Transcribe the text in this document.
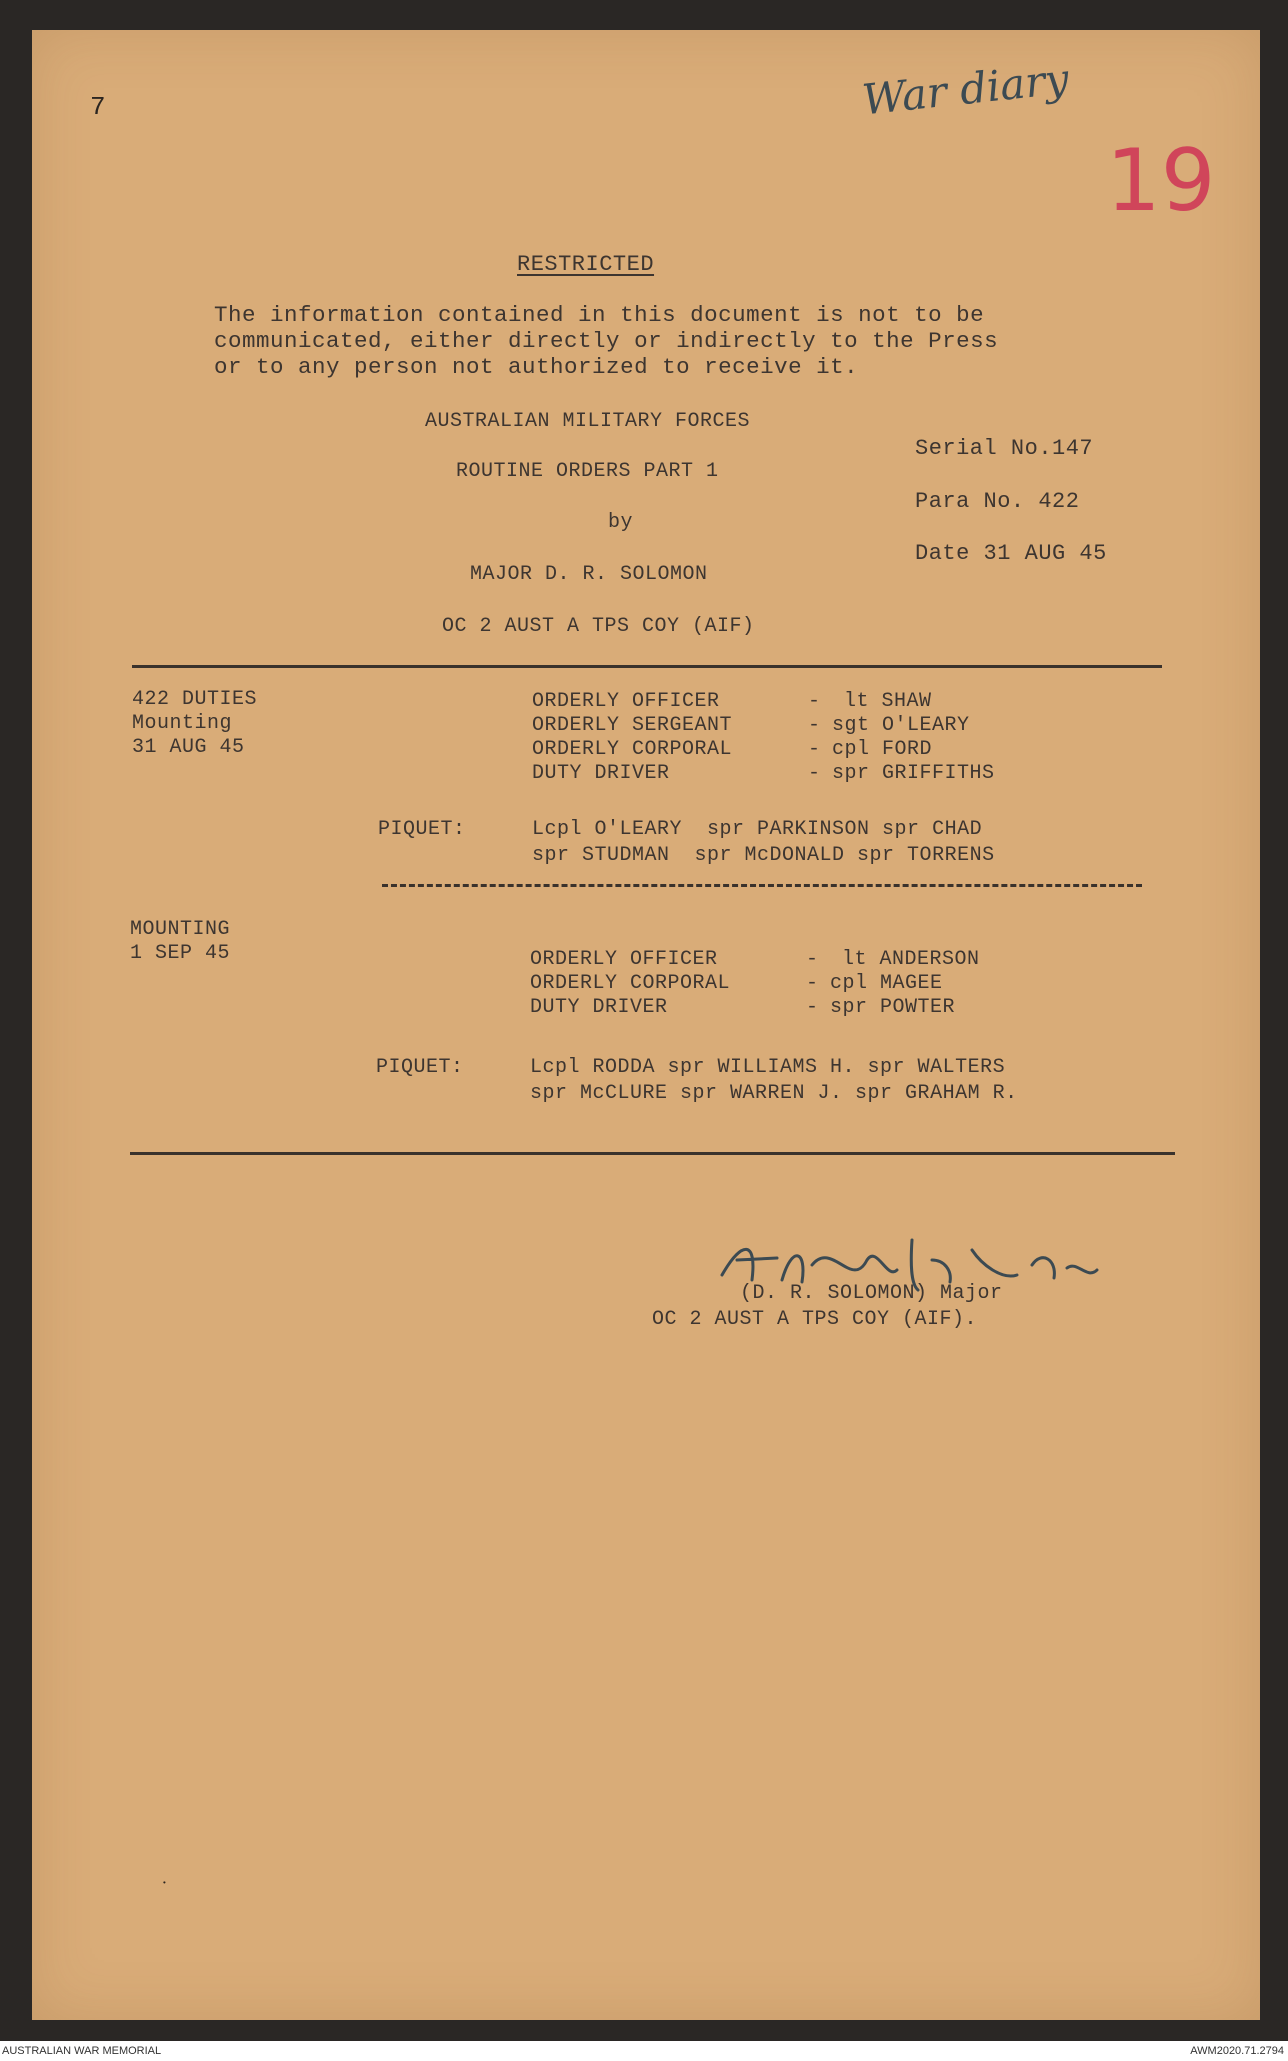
War diary
19
7
RESTRICTED
The information contained in this document is not to be
communicated, either directly or indirectly to the Press
or to any person not authorized to receive it.
AUSTRALIAN MILITARY FORCES
ROUTINE ORDERS PART 1
by
MAJOR D. R. SOLOMON
OC 2 AUST A TPS COY (AIF)
Serial No.147
Para No. 422
Date 31 AUG 45
422 DUTIES
Mounting
31 AUG 45
ORDERLY OFFICER	- lt SHAW
ORDERLY SERGEANT	- sgt O'LEARY
ORDERLY CORPORAL	- cpl FORD
DUTY DRIVER	- spr GRIFFITHS
PIQUET:	Lcpl O'LEARY  spr PARKINSON spr CHAD
spr STUDMAN  spr McDONALD spr TORRENS
MOUNTING
1 SEP 45	ORDERLY OFFICER	- lt ANDERSON
ORDERLY CORPORAL	- cpl MAGEE
DUTY DRIVER	- spr POWTER
PIQUET:	Lcpl RODDA spr WILLIAMS H. spr WALTERS
spr McCLURE spr WARREN J. spr GRAHAM R.
(D. R. SOLOMON) Major
OC 2 AUST A TPS COY (AIF).
ׅ
AUSTRALIAN WAR MEMORIAL	AWM2020.71.2794
